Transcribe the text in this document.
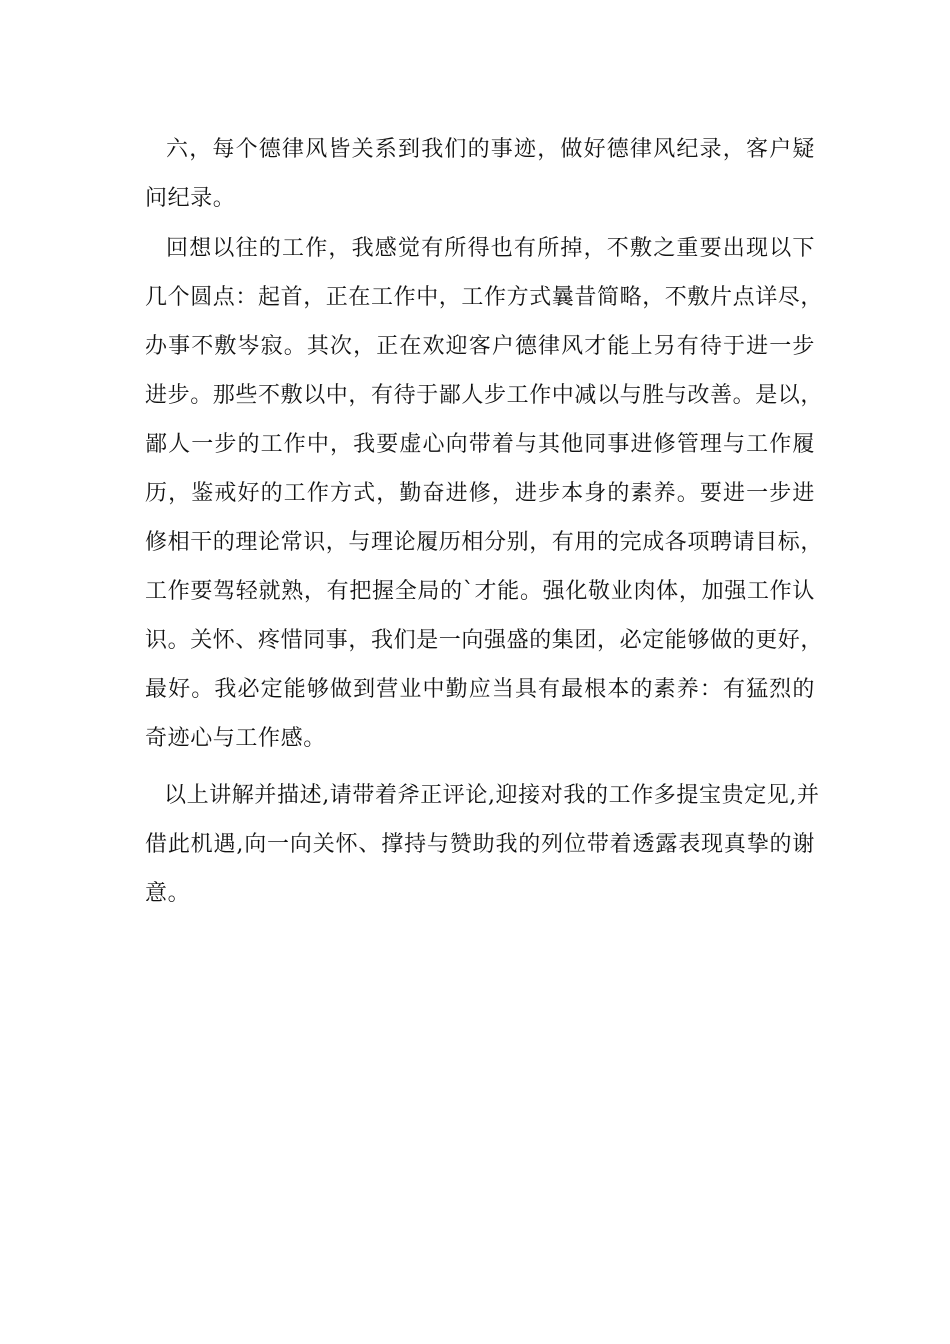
六，每个德律风皆关系到我们的事迹，做好德律风纪录，客户疑
问纪录。
回想以往的工作，我感觉有所得也有所掉，不敷之重要出现以下
几个圆点：起首，正在工作中，工作方式曩昔简略，不敷片点详尽，
办事不敷岑寂。其次，正在欢迎客户德律风才能上另有待于进一步
进步。那些不敷以中，有待于鄙人步工作中减以与胜与改善。是以，
鄙人一步的工作中，我要虚心向带着与其他同事进修管理与工作履
历，鉴戒好的工作方式，勤奋进修，进步本身的素养。要进一步进
修相干的理论常识，与理论履历相分别，有用的完成各项聘请目标，
工作要驾轻就熟，有把握全局的`才能。强化敬业肉体，加强工作认
识。关怀、疼惜同事，我们是一向强盛的集团，必定能够做的更好，
最好。我必定能够做到营业中勤应当具有最根本的素养：有猛烈的
奇迹心与工作感。
以上讲解并描述,请带着斧正评论,迎接对我的工作多提宝贵定见,并
借此机遇,向一向关怀、撑持与赞助我的列位带着透露表现真挚的谢
意。
